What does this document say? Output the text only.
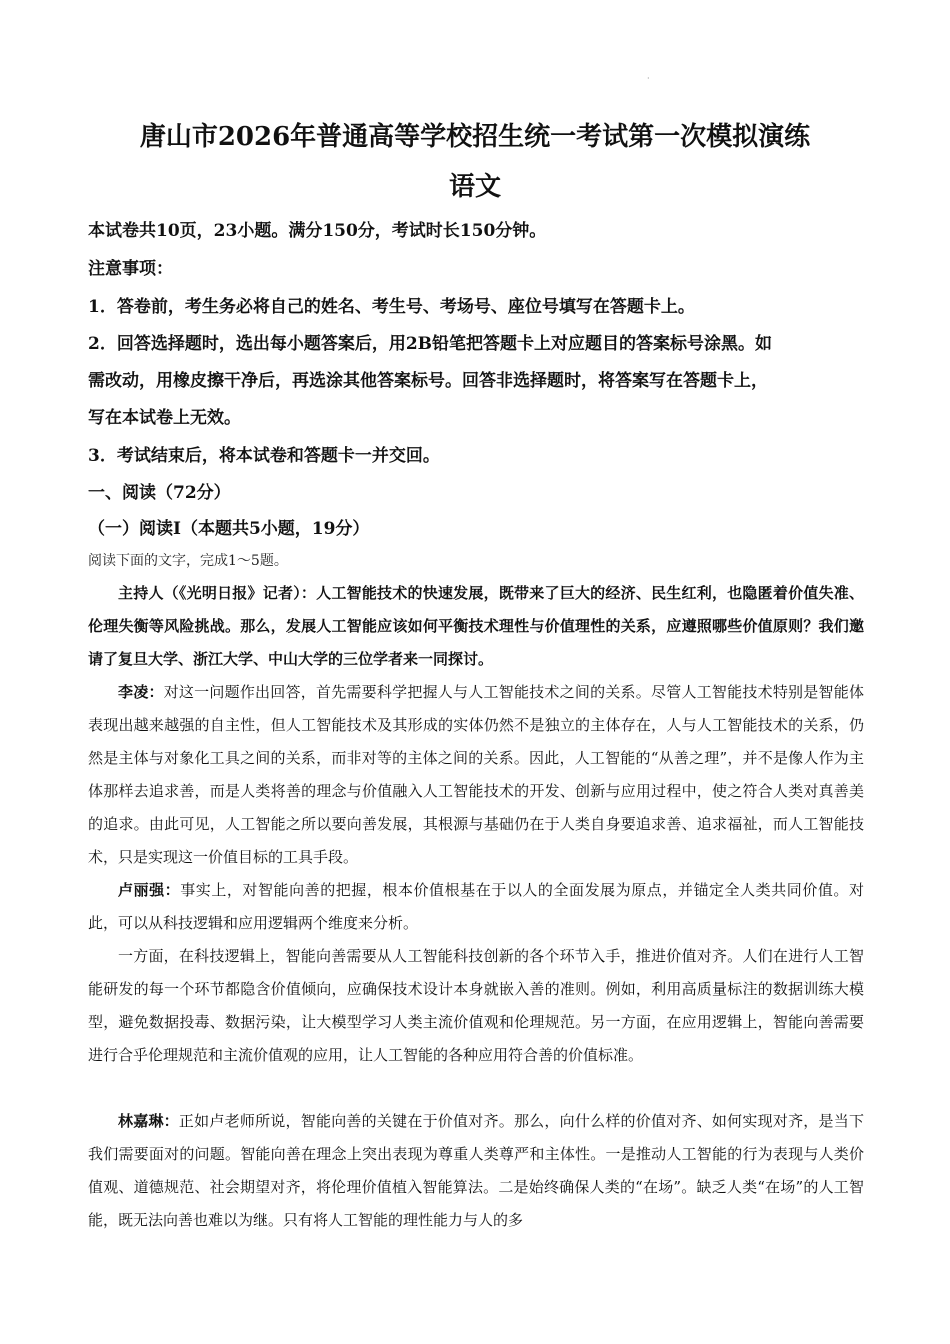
·
唐山市2026年普通高等学校招生统一考试第一次模拟演练
语文
本试卷共10页，23小题。满分150分，考试时长150分钟。
注意事项：
1．答卷前，考生务必将自己的姓名、考生号、考场号、座位号填写在答题卡上。
2．回答选择题时，选出每小题答案后，用2B铅笔把答题卡上对应题目的答案标号涂黑。如
需改动，用橡皮擦干净后，再选涂其他答案标号。回答非选择题时，将答案写在答题卡上，
写在本试卷上无效。
3．考试结束后，将本试卷和答题卡一并交回。
一、阅读（72分）
（一）阅读Ⅰ（本题共5小题，19分）
阅读下面的文字，完成1～5题。
主持人（《光明日报》记者）：人工智能技术的快速发展，既带来了巨大的经济、民生红利，也隐匿着价值失准、伦理失衡等风险挑战。那么，发展人工智能应该如何平衡技术理性与价值理性的关系，应遵照哪些价值原则？我们邀请了复旦大学、浙江大学、中山大学的三位学者来一同探讨。
李凌：对这一问题作出回答，首先需要科学把握人与人工智能技术之间的关系。尽管人工智能技术特别是智能体表现出越来越强的自主性，但人工智能技术及其形成的实体仍然不是独立的主体存在，人与人工智能技术的关系，仍然是主体与对象化工具之间的关系，而非对等的主体之间的关系。因此，人工智能的“从善之理”，并不是像人作为主体那样去追求善，而是人类将善的理念与价值融入人工智能技术的开发、创新与应用过程中，使之符合人类对真善美的追求。由此可见，人工智能之所以要向善发展，其根源与基础仍在于人类自身要追求善、追求福祉，而人工智能技术，只是实现这一价值目标的工具手段。
卢丽强：事实上，对智能向善的把握，根本价值根基在于以人的全面发展为原点，并锚定全人类共同价值。对此，可以从科技逻辑和应用逻辑两个维度来分析。
一方面，在科技逻辑上，智能向善需要从人工智能科技创新的各个环节入手，推进价值对齐。人们在进行人工智能研发的每一个环节都隐含价值倾向，应确保技术设计本身就嵌入善的准则。例如，利用高质量标注的数据训练大模型，避免数据投毒、数据污染，让大模型学习人类主流价值观和伦理规范。另一方面，在应用逻辑上，智能向善需要进行合乎伦理规范和主流价值观的应用，让人工智能的各种应用符合善的价值标准。
林嘉琳：正如卢老师所说，智能向善的关键在于价值对齐。那么，向什么样的价值对齐、如何实现对齐，是当下我们需要面对的问题。智能向善在理念上突出表现为尊重人类尊严和主体性。一是推动人工智能的行为表现与人类价值观、道德规范、社会期望对齐，将伦理价值植入智能算法。二是始终确保人类的“在场”。缺乏人类“在场”的人工智能，既无法向善也难以为继。只有将人工智能的理性能力与人的多
